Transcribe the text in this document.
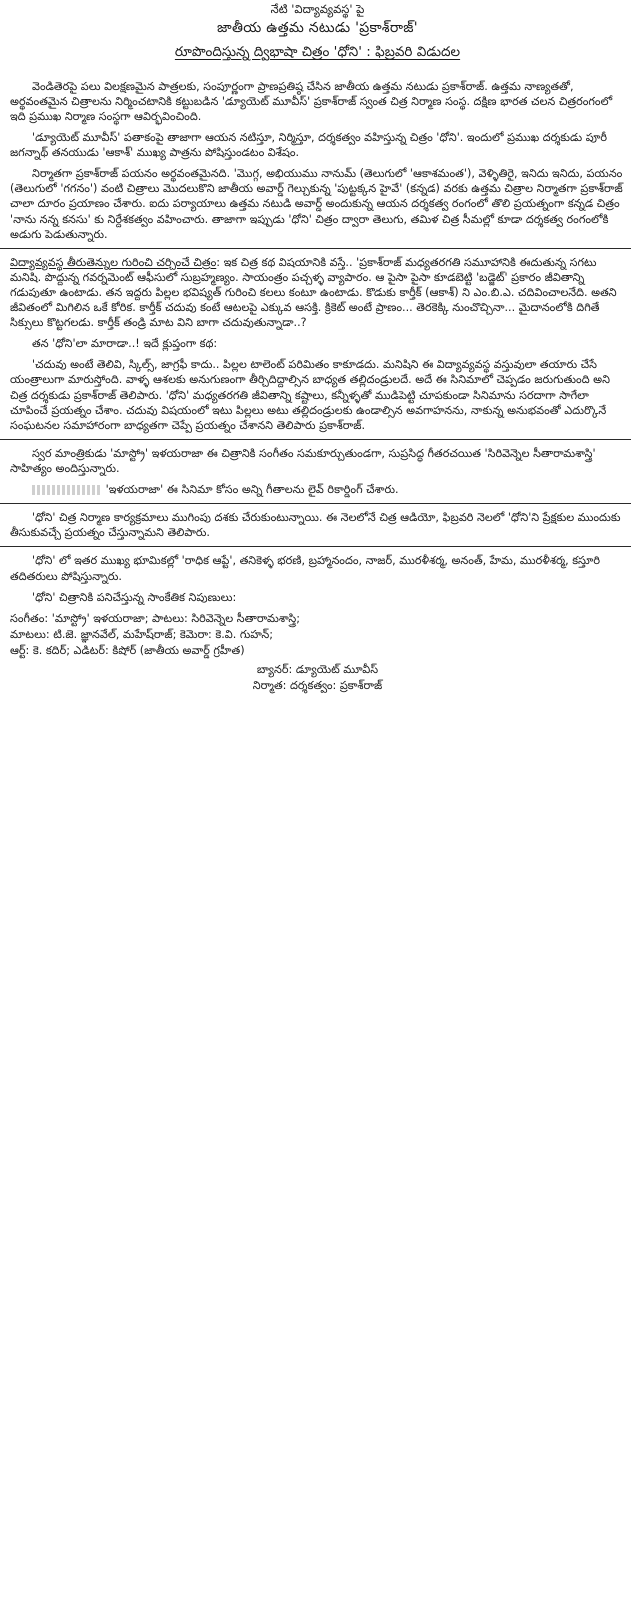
నేటి 'విద్యావ్యవస్థ' పై
జాతీయ ఉత్తమ నటుడు 'ప్రకాశ్‌రాజ్'
రూపొందిస్తున్న ద్విభాషా చిత్రం 'ధోని' : ఫిబ్రవరి విడుదల

వెండితెరపై పలు విలక్షణమైన పాత్రలకు, సంపూర్ణంగా ప్రాణప్రతిష్ఠ చేసిన జాతీయ ఉత్తమ నటుడు ప్రకాశ్‌రాజ్. ఉత్తమ నాణ్యతతో, అర్థవంతమైన చిత్రాలను నిర్మించటానికి కట్టుబడిన 'డ్యూయెట్ మూవీస్' ప్రకాశ్‌రాజ్ స్వంత చిత్ర నిర్మాణ సంస్థ. దక్షిణ భారత చలన చిత్రరంగంలో ఇది ప్రముఖ నిర్మాణ సంస్థగా ఆవిర్భవించింది.

'డ్యూయెట్ మూవీస్' పతాకంపై తాజాగా ఆయన నటిస్తూ, నిర్మిస్తూ, దర్శకత్వం వహిస్తున్న చిత్రం 'ధోని'. ఇందులో ప్రముఖ దర్శకుడు పూరీ జగన్నాథ్ తనయుడు 'ఆకాశ్' ముఖ్య పాత్రను పోషిస్తుండటం విశేషం.

నిర్మాతగా ప్రకాశ్‌రాజ్ పయనం అర్థవంతమైనది. 'మొగ్గ, అభియుము నానుమ్ (తెలుగులో 'ఆకాశమంత'), వెళ్ళితిరై, ఇనిదు ఇనిదు, పయనం (తెలుగులో 'గగనం') వంటి చిత్రాలు మొదలుకొని జాతీయ అవార్డ్ గెల్చుకున్న 'పుట్టక్కన హైవే' (కన్నడ) వరకు ఉత్తమ చిత్రాల నిర్మాతగా ప్రకాశ్‌రాజ్ చాలా దూరం ప్రయాణం చేశారు. ఐదు పర్యాయాలు ఉత్తమ నటుడి అవార్డ్ అందుకున్న ఆయన దర్శకత్వ రంగంలో తొలి ప్రయత్నంగా కన్నడ చిత్రం 'నాను నన్న కనసు' కు నిర్దేశకత్వం వహించారు. తాజాగా ఇప్పుడు 'ధోని' చిత్రం ద్వారా తెలుగు, తమిళ చిత్ర సీమల్లో కూడా దర్శకత్వ రంగంలోకి అడుగు పెడుతున్నారు.

విద్యావ్యవస్థ తీరుతెన్నుల గురించి చర్చించే చిత్రం: ఇక చిత్ర కథ విషయానికి వస్తే.. 'ప్రకాశ్‌రాజ్ మధ్యతరగతి సమూహానికి ఈదుతున్న సగటు మనిషి. పొద్దున్న గవర్నమెంట్ ఆఫీసులో సుబ్రహ్మణ్యం. సాయంత్రం పచ్చళ్ళ వ్యాపారం. ఆ పైసా పైసా కూడబెట్టి 'బడ్జెట్' ప్రకారం జీవితాన్ని గడుపుతూ ఉంటాడు. తన ఇద్దరు పిల్లల భవిష్యత్ గురించి కలలు కంటూ ఉంటాడు. కొడుకు కార్తీక్ (ఆకాశ్) ని ఎం.బి.ఎ. చదివించాలనేది. అతని జీవితంలో మిగిలిన ఒకే కోరిక. కార్తీక్ చదువు కంటే ఆటలపై ఎక్కువ ఆసక్తి. క్రికెట్ అంటే ప్రాణం... తెరకెక్కి నుంచొచ్చినా... మైదానంలోకి దిగితే సిక్సులు కొట్టగలడు. కార్తీక్ తండ్రి మాట విని బాగా చదువుతున్నాడా..?

తన 'ధోని'లా మారాడా..! ఇదే క్లుప్తంగా కథ:

'చదువు అంటే తెలివి, స్కిల్స్, జాగ్రఫీ కాదు.. పిల్లల టాలెంట్ పరిమితం కాకూడదు. మనిషిని ఈ విద్యావ్యవస్థ వస్తువులా తయారు చేసే యంత్రాలుగా మారుస్తోంది. వాళ్ళ ఆశలకు అనుగుణంగా తీర్చిదిద్దాల్సిన బాధ్యత తల్లిదండ్రులదే. అదే ఈ సినిమాలో చెప్పడం జరుగుతుంది అని చిత్ర దర్శకుడు ప్రకాశ్‌రాజ్ తెలిపారు. 'ధోని' మధ్యతరగతి జీవితాన్ని కష్టాలు, కన్నీళ్ళతో ముడిపెట్టి చూపకుండా సినిమాను సరదాగా సాగేలా చూపించే ప్రయత్నం చేశాం. చదువు విషయంలో ఇటు పిల్లలు అటు తల్లిదండ్రులకు ఉండాల్సిన అవగాహనను, నాకున్న అనుభవంతో ఎదుర్కొనే సంఘటనల సమాహారంగా బాధ్యతగా చెప్పే ప్రయత్నం చేశానని తెలిపారు ప్రకాశ్‌రాజ్.

స్వర మాంత్రికుడు 'మాస్ట్రో' ఇళయరాజా ఈ చిత్రానికి సంగీతం సమకూర్చుతుండగా, సుప్రసిద్ధ గీతరచయిత 'సిరివెన్నెల సీతారామశాస్త్రి' సాహిత్యం అందిస్తున్నారు.

'ఇళయరాజా' ఈ సినిమా కోసం అన్ని గీతాలను లైవ్ రికార్డింగ్ చేశారు.

'ధోని' చిత్ర నిర్మాణ కార్యక్రమాలు ముగింపు దశకు చేరుకుంటున్నాయి. ఈ నెలలోనే చిత్ర ఆడియో, ఫిబ్రవరి నెలలో 'ధోని'ని ప్రేక్షకుల ముందుకు తీసుకువచ్చే ప్రయత్నం చేస్తున్నామని తెలిపారు.

'ధోని' లో ఇతర ముఖ్య భూమికల్లో 'రాధిక ఆప్టే', తనికెళ్ళ భరణి, బ్రహ్మానందం, నాజర్, మురళీశర్మ, అనంత్, హేమ, మురళీశర్మ, కస్తూరి తదితరులు పోషిస్తున్నారు.

'ధోని' చిత్రానికి పనిచేస్తున్న సాంకేతిక నిపుణులు:

సంగీతం: 'మాస్ట్రో' ఇళయరాజా; పాటలు: సిరివెన్నెల సీతారామశాస్త్రి;
మాటలు: టి.జె. జ్ఞానవేల్, మహేష్‌రాజ్; కెమెరా: కె.వి. గుహన్;
ఆర్ట్: కె. కదిర్; ఎడిటర్: కిషోర్ (జాతీయ అవార్డ్ గ్రహీత)
బ్యానర్: డ్యూయెట్ మూవీస్
నిర్మాత: దర్శకత్వం: ప్రకాశ్‌రాజ్
